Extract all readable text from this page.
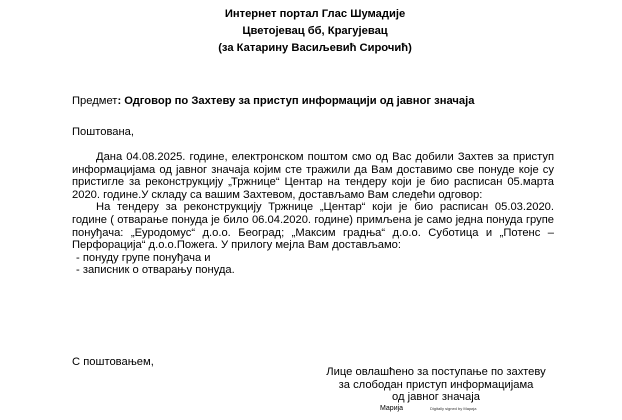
Интернет портал Глас Шумадије
Цветојевац бб, Крагујевац
(за Катарину Васиљевић Сирочић)
Предмет: Одговор по Захтеву за приступ информацији од јавног значаја
Поштована,
Дана 04.08.2025. године, електронском поштом смо од Вас добили Захтев за приступ информацијама од јавног значаја којим сте тражили да Вам доставимо све понуде које су пристигле за реконструкцију „Тржнице“ Центар на тендеру који је био расписан 05.марта 2020. године.У складу са вашим Захтевом, достављамо Вам следећи одговор:
На тендеру за реконструкцију Тржнице „Центар“ који је био расписан 05.03.2020. године ( отварање понуда је било 06.04.2020. године) примљена је само једна понуда групе понуђача: „Еуродомус“ д.о.о. Београд; „Максим градња“ д.о.о. Суботица и „Потенс – Перфорација“ д.о.о.Пожега. У прилогу мејла Вам достављамо:
- понуду групе понуђача и
- записник о отварању понуда.
С поштовањем,
Лице овлашћено за поступање по захтеву
за слободан приступ информацијама
од јавног значаја
Марија	Digitally signed by Марија
